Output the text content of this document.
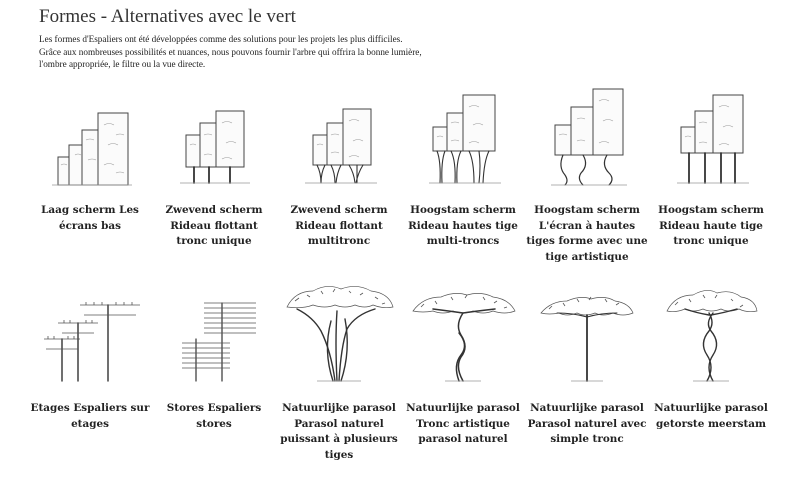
Formes - Alternatives avec le vert

Les formes d'Espaliers ont été développées comme des solutions pour les projets les plus difficiles.
Grâce aux nombreuses possibilités et nuances, nous pouvons fournir l'arbre qui offrira la bonne lumière,
l'ombre appropriée, le filtre ou la vue directe.

Laag scherm Les
écrans bas
Zwevend scherm
Rideau flottant
tronc unique
Zwevend scherm
Rideau flottant
multitronc
Hoogstam scherm
Rideau hautes tige
multi-troncs
Hoogstam scherm
L'écran à hautes
tiges forme avec une
tige artistique
Hoogstam scherm
Rideau haute tige
tronc unique
Etages Espaliers sur
etages
Stores Espaliers
stores
Natuurlijke parasol
Parasol naturel
puissant à plusieurs
tiges
Natuurlijke parasol
Tronc artistique
parasol naturel
Natuurlijke parasol
Parasol naturel avec
simple tronc
Natuurlijke parasol
getorste meerstam
